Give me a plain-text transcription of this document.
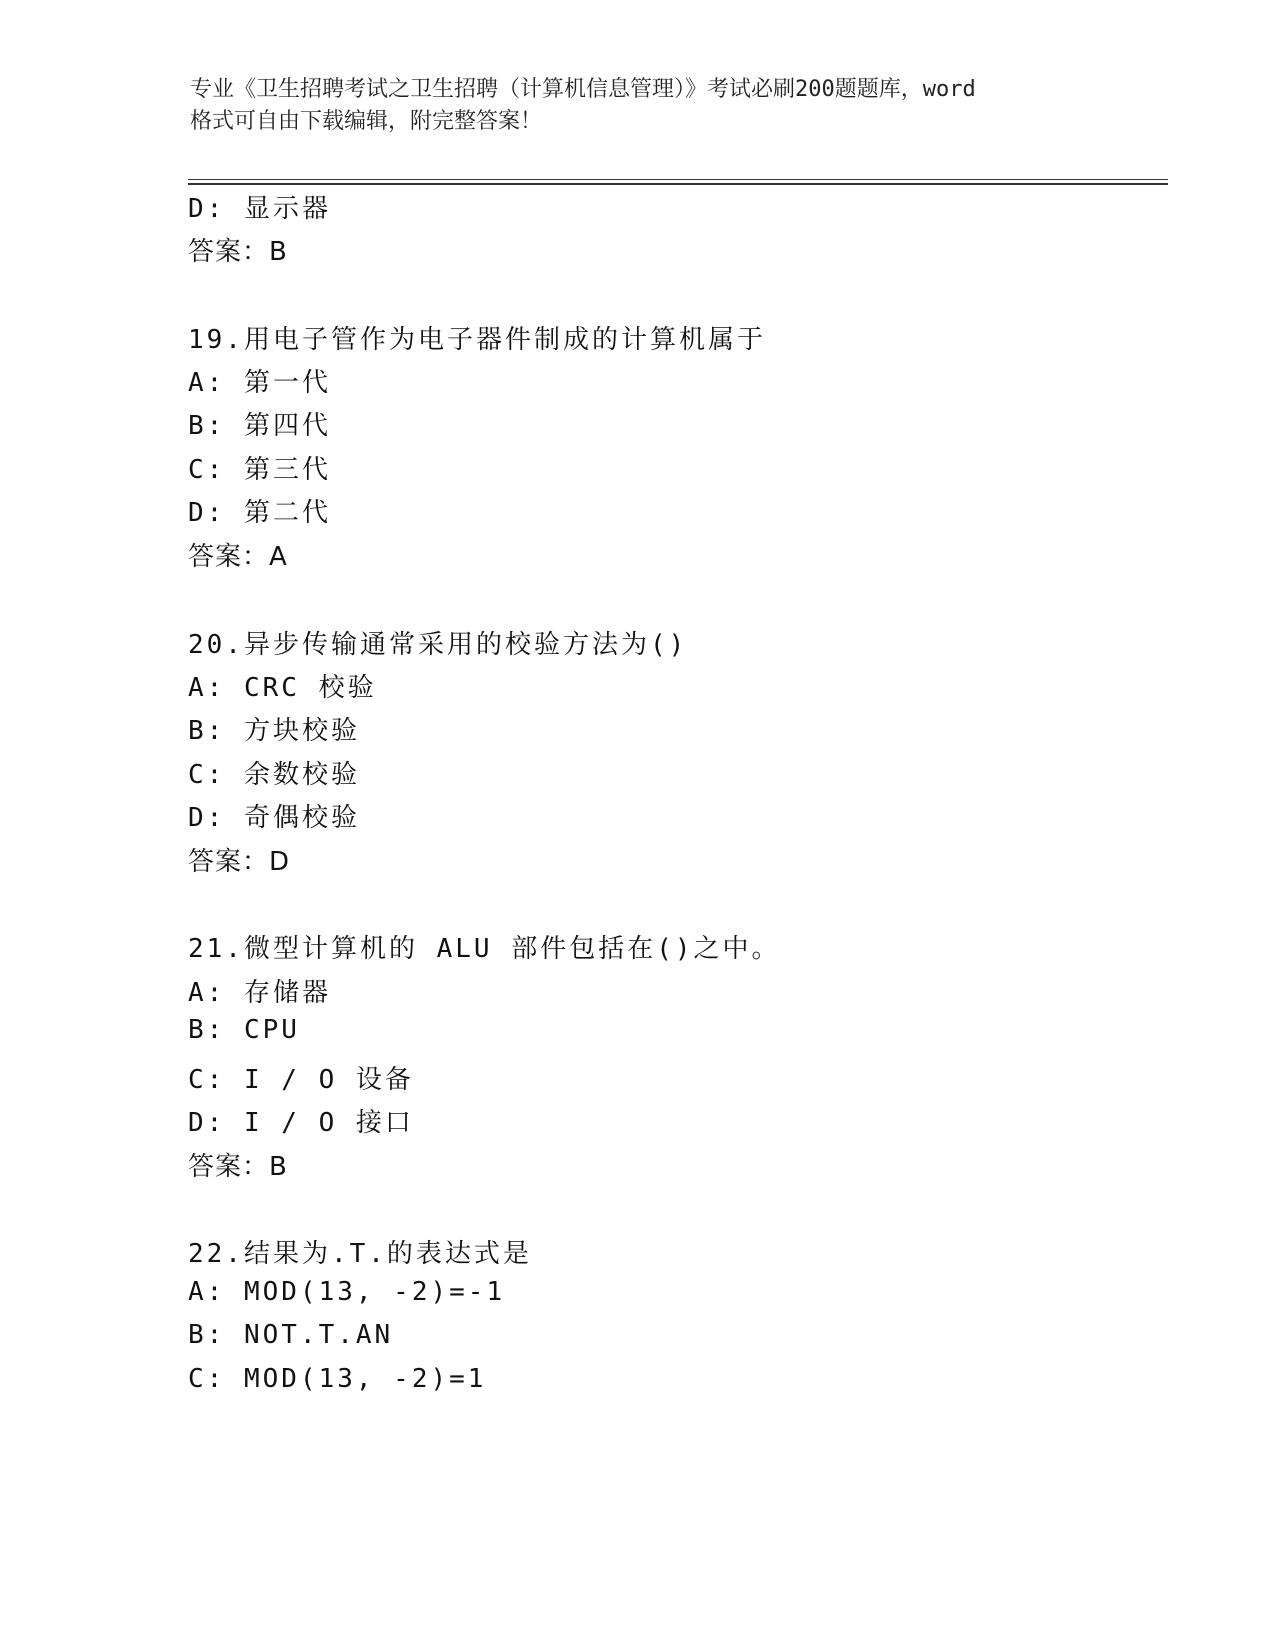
专业《卫生招聘考试之卫生招聘（计算机信息管理）》考试必刷200题题库，word
格式可自由下载编辑，附完整答案！
D: 显示器
答案：B
19.用电子管作为电子器件制成的计算机属于
A: 第一代
B: 第四代
C: 第三代
D: 第二代
答案：A
20.异步传输通常采用的校验方法为()
A: CRC 校验
B: 方块校验
C: 余数校验
D: 奇偶校验
答案：D
21.微型计算机的 ALU 部件包括在()之中。
A: 存储器
B: CPU
C: I / O 设备
D: I / O 接口
答案：B
22.结果为.T.的表达式是
A: MOD(13, -2)=-1
B: NOT.T.AN
C: MOD(13, -2)=1
